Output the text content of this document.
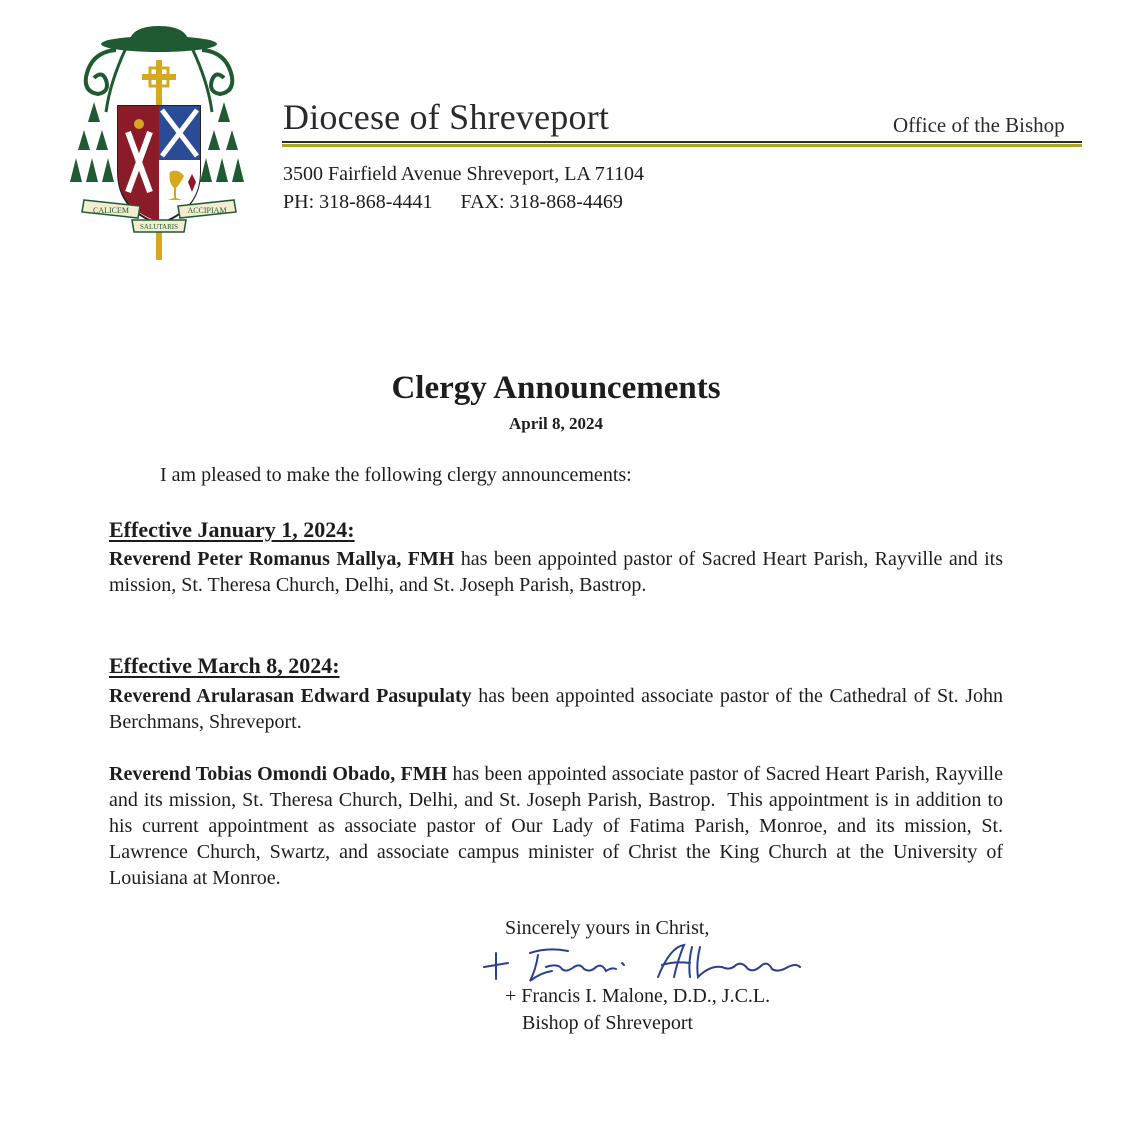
CALICEM	ACCIPIAM
SALUTARIS
Diocese of Shreveport	Office of the Bishop
3500 Fairfield Avenue Shreveport, LA 71104
PH: 318-868-4441 FAX: 318-868-4469
Clergy Announcements
April 8, 2024
I am pleased to make the following clergy announcements:
Effective January 1, 2024:
Reverend Peter Romanus Mallya, FMH has been appointed pastor of Sacred Heart Parish, Rayville and its mission, St. Theresa Church, Delhi, and St. Joseph Parish, Bastrop.
Effective March 8, 2024:
Reverend Arularasan Edward Pasupulaty has been appointed associate pastor of the Cathedral of St. John Berchmans, Shreveport.
Reverend Tobias Omondi Obado, FMH has been appointed associate pastor of Sacred Heart Parish, Rayville and its mission, St. Theresa Church, Delhi, and St. Joseph Parish, Bastrop.  This appointment is in addition to his current appointment as associate pastor of Our Lady of Fatima Parish, Monroe, and its mission, St. Lawrence Church, Swartz, and associate campus minister of Christ the King Church at the University of Louisiana at Monroe.
Sincerely yours in Christ,
+ Francis I. Malone, D.D., J.C.L.
Bishop of Shreveport
